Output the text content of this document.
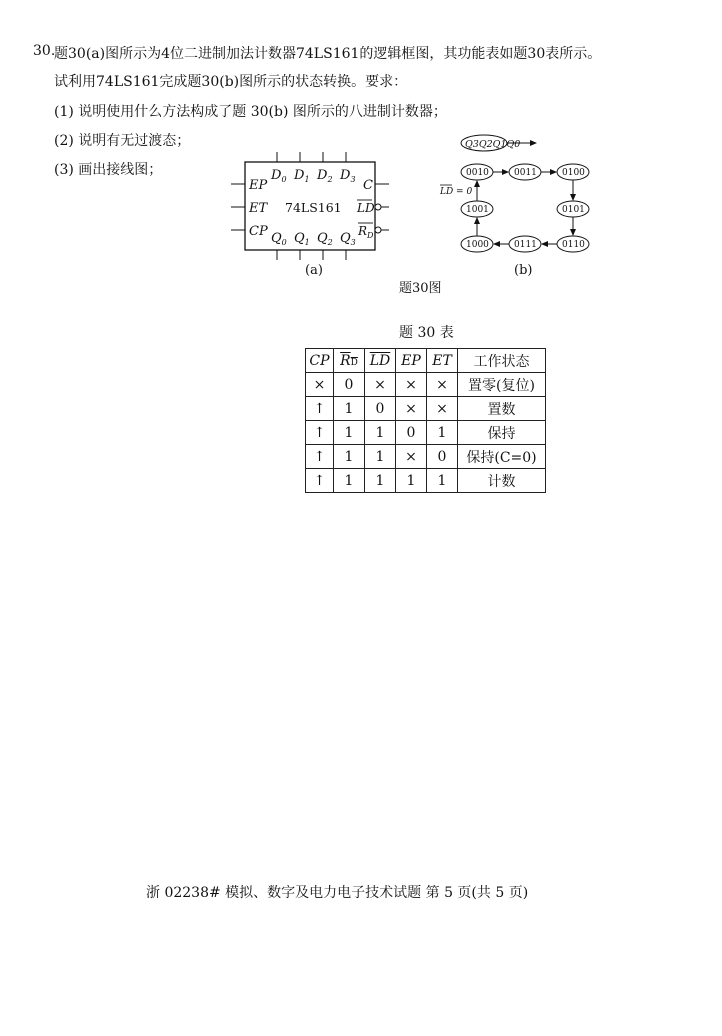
30.
题30(a)图所示为4位二进制加法计数器74LS161的逻辑框图，其功能表如题30表所示。
试利用74LS161完成题30(b)图所示的状态转换。要求：
(1) 说明使用什么方法构成了题 30(b) 图所示的八进制计数器；
(2) 说明有无过渡态；
(3) 画出接线图；	$D_0$ $D_1$ $D_2$ $D_3$
EP
ET
CP
74LS161
C
LD
$R_D$
$Q_0$ $Q_1$ $Q_2$ $Q_3$
(a)
Q3Q2Q1Q0
0010	0011	0100
0101
0110
0111
1000
1001
LD = 0
(b)
题30图
题 30 表
CP	$\overline{R}\overline{D}$	$\overline{LD}$	EP	ET	工作状态
×	0	×	×	×	置零(复位)
↑	1	0	×	×	置数
↑	1	1	0	1	保持
↑	1	1	×	0	保持(C=0)
↑	1	1	1	1	计数
浙 02238# 模拟、数字及电力电子技术试题 第 5 页(共 5 页)
